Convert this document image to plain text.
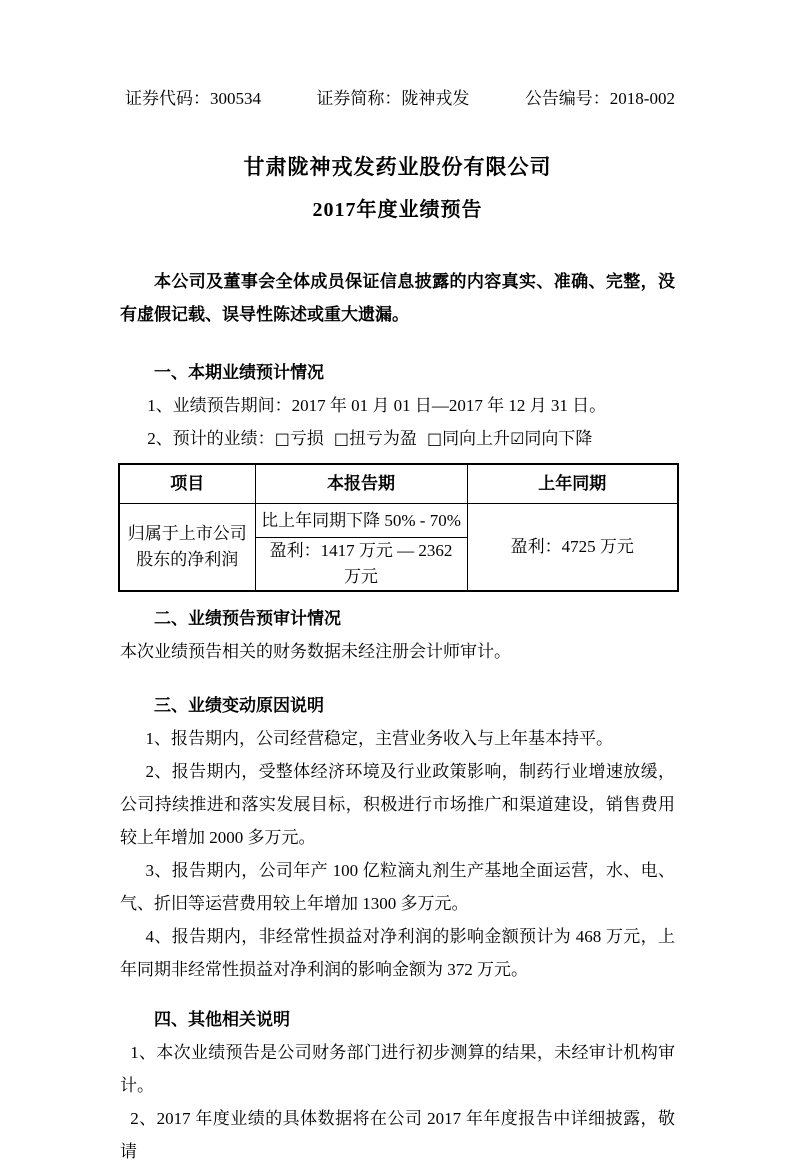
证券代码：300534	证券简称：陇神戎发	公告编号：2018-002
甘肃陇神戎发药业股份有限公司
2017年度业绩预告

本公司及董事会全体成员保证信息披露的内容真实、准确、完整，没有虚假记载、误导性陈述或重大遗漏。

一、本期业绩预计情况

1、业绩预告期间：2017 年 01 月 01 日—2017 年 12 月 31 日。

2、预计的业绩：□亏损 □扭亏为盈 □同向上升☑同向下降
项目	本报告期	上年同期
归属于上市公司股东的净利润	比上年同期下降 50% - 70%	盈利：4725 万元
	盈利：1417 万元 — 2362 万元	
二、业绩预告预审计情况

本次业绩预告相关的财务数据未经注册会计师审计。

三、业绩变动原因说明

1、报告期内，公司经营稳定，主营业务收入与上年基本持平。

2、报告期内，受整体经济环境及行业政策影响，制药行业增速放缓，公司持续推进和落实发展目标，积极进行市场推广和渠道建设，销售费用较上年增加 2000 多万元。

3、报告期内，公司年产 100 亿粒滴丸剂生产基地全面运营，水、电、气、折旧等运营费用较上年增加 1300 多万元。

4、报告期内，非经常性损益对净利润的影响金额预计为 468 万元，上年同期非经常性损益对净利润的影响金额为 372 万元。

四、其他相关说明

1、本次业绩预告是公司财务部门进行初步测算的结果，未经审计机构审计。

2、2017 年度业绩的具体数据将在公司 2017 年年度报告中详细披露，敬请
